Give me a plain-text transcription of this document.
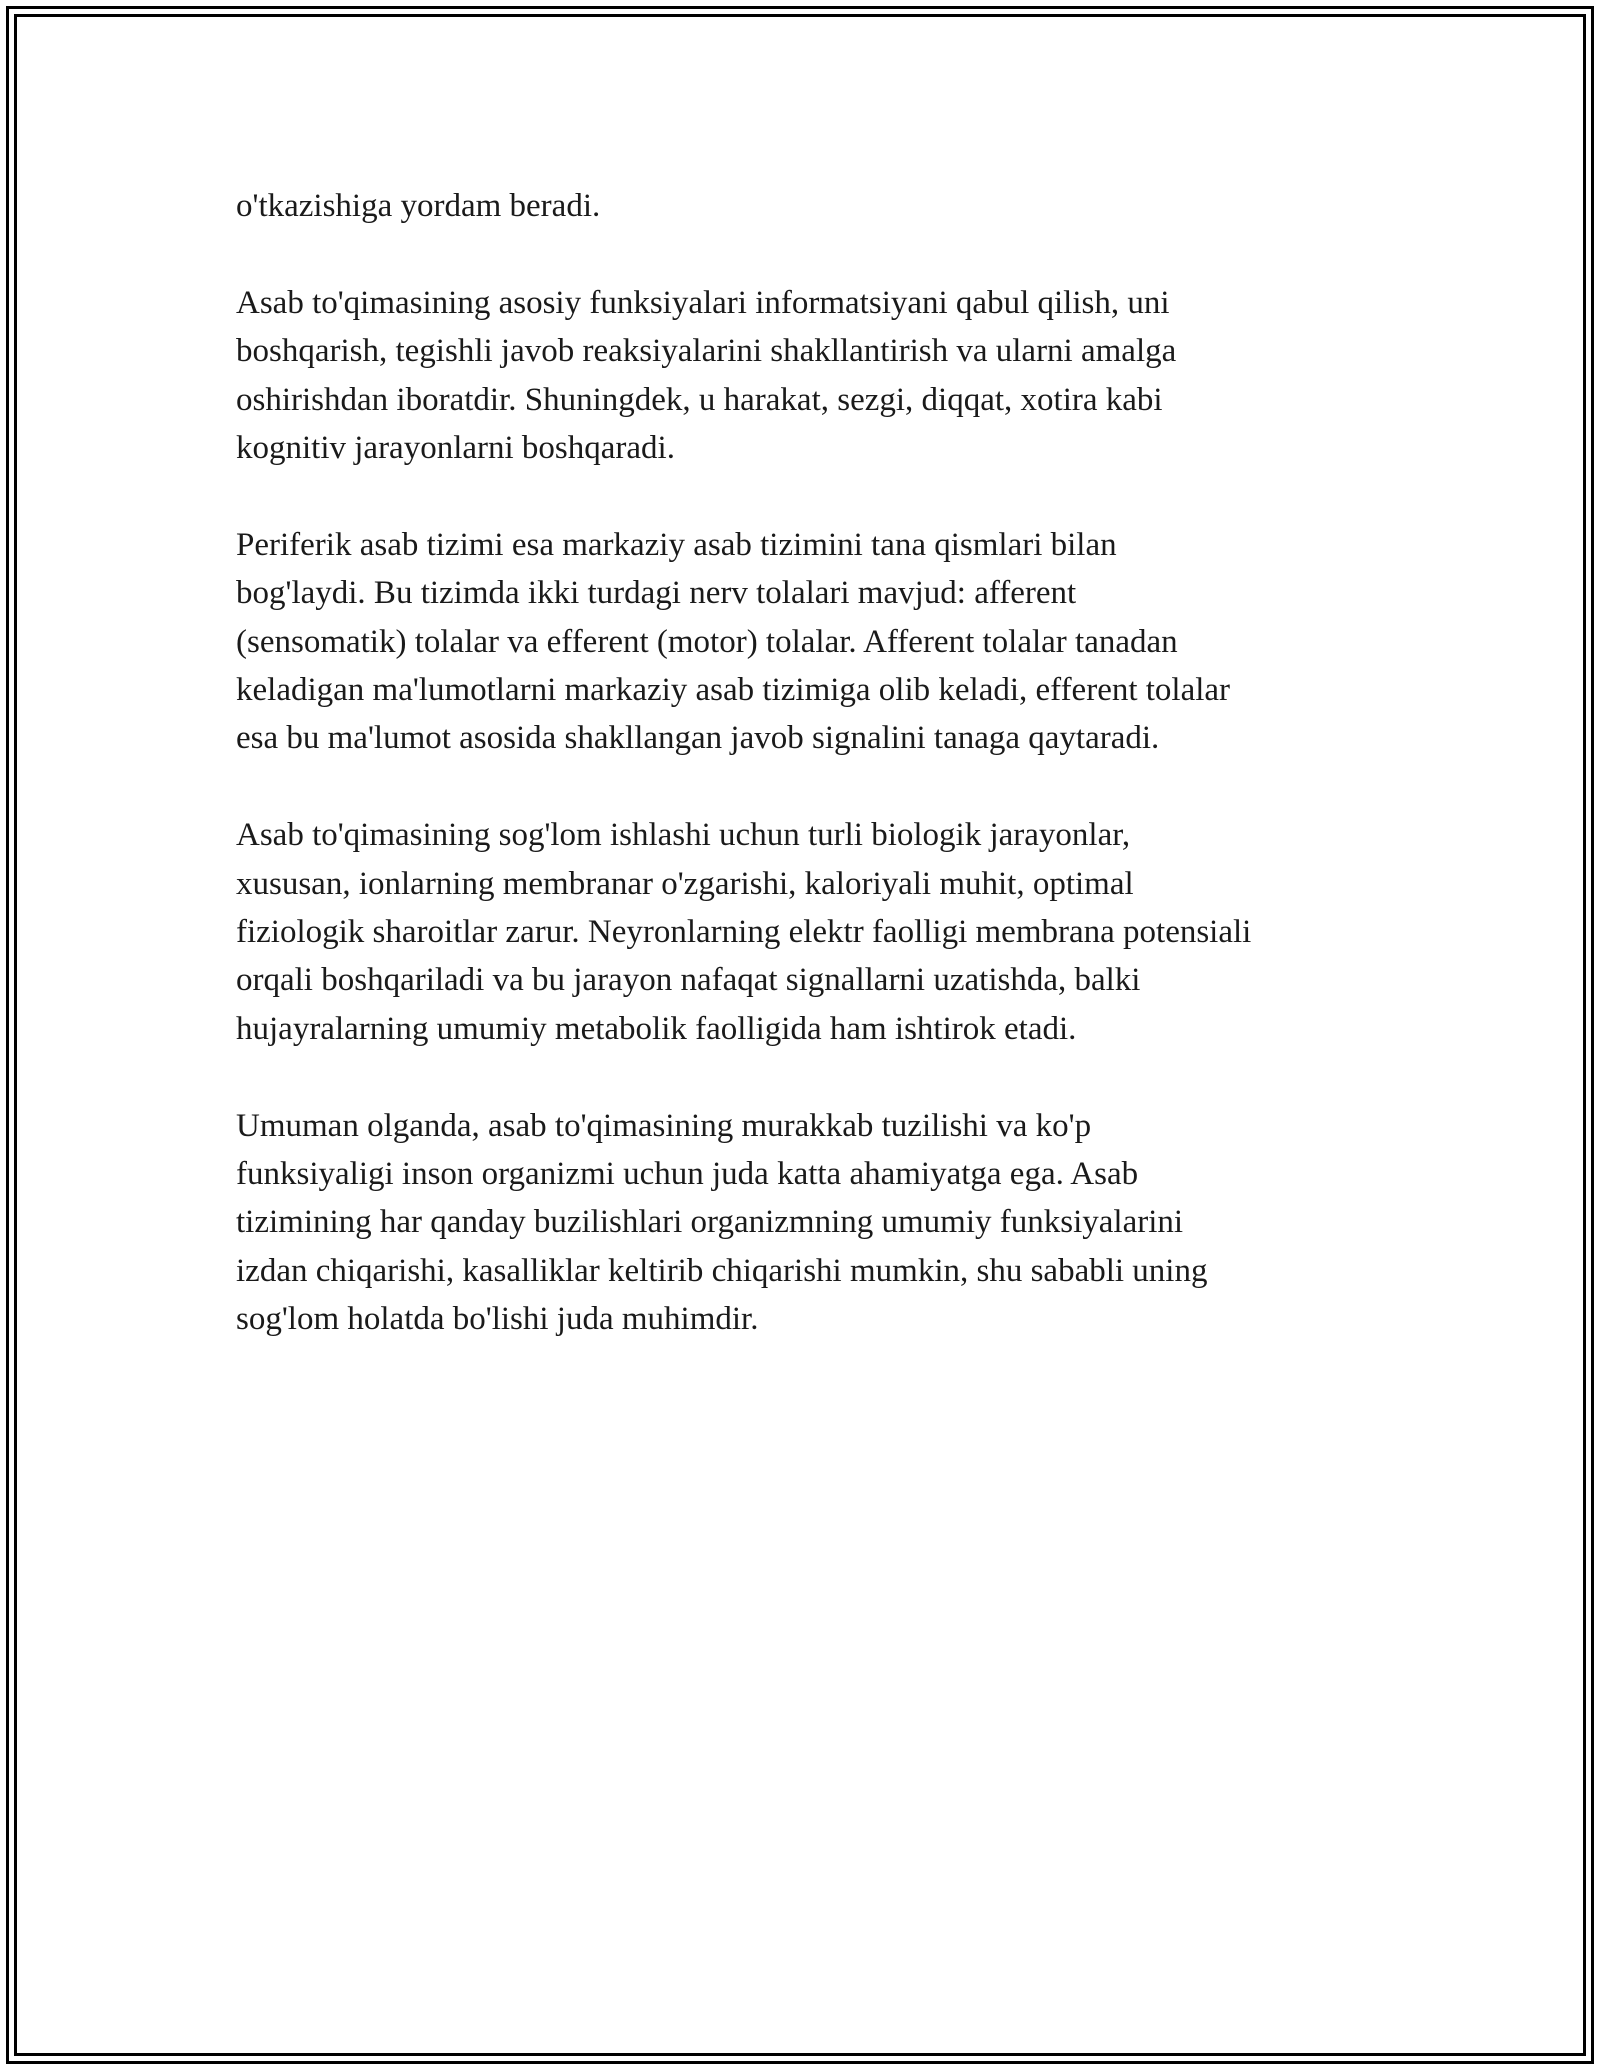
o'tkazishiga yordam beradi.

Asab to'qimasining asosiy funksiyalari informatsiyani qabul qilish, uni
boshqarish, tegishli javob reaksiyalarini shakllantirish va ularni amalga
oshirishdan iboratdir. Shuningdek, u harakat, sezgi, diqqat, xotira kabi
kognitiv jarayonlarni boshqaradi.

Periferik asab tizimi esa markaziy asab tizimini tana qismlari bilan
bog'laydi. Bu tizimda ikki turdagi nerv tolalari mavjud: afferent
(sensomatik) tolalar va efferent (motor) tolalar. Afferent tolalar tanadan
keladigan ma'lumotlarni markaziy asab tizimiga olib keladi, efferent tolalar
esa bu ma'lumot asosida shakllangan javob signalini tanaga qaytaradi.

Asab to'qimasining sog'lom ishlashi uchun turli biologik jarayonlar,
xususan, ionlarning membranar o'zgarishi, kaloriyali muhit, optimal
fiziologik sharoitlar zarur. Neyronlarning elektr faolligi membrana potensiali
orqali boshqariladi va bu jarayon nafaqat signallarni uzatishda, balki
hujayralarning umumiy metabolik faolligida ham ishtirok etadi.

Umuman olganda, asab to'qimasining murakkab tuzilishi va ko'p
funksiyaligi inson organizmi uchun juda katta ahamiyatga ega. Asab
tizimining har qanday buzilishlari organizmning umumiy funksiyalarini
izdan chiqarishi, kasalliklar keltirib chiqarishi mumkin, shu sababli uning
sog'lom holatda bo'lishi juda muhimdir.
